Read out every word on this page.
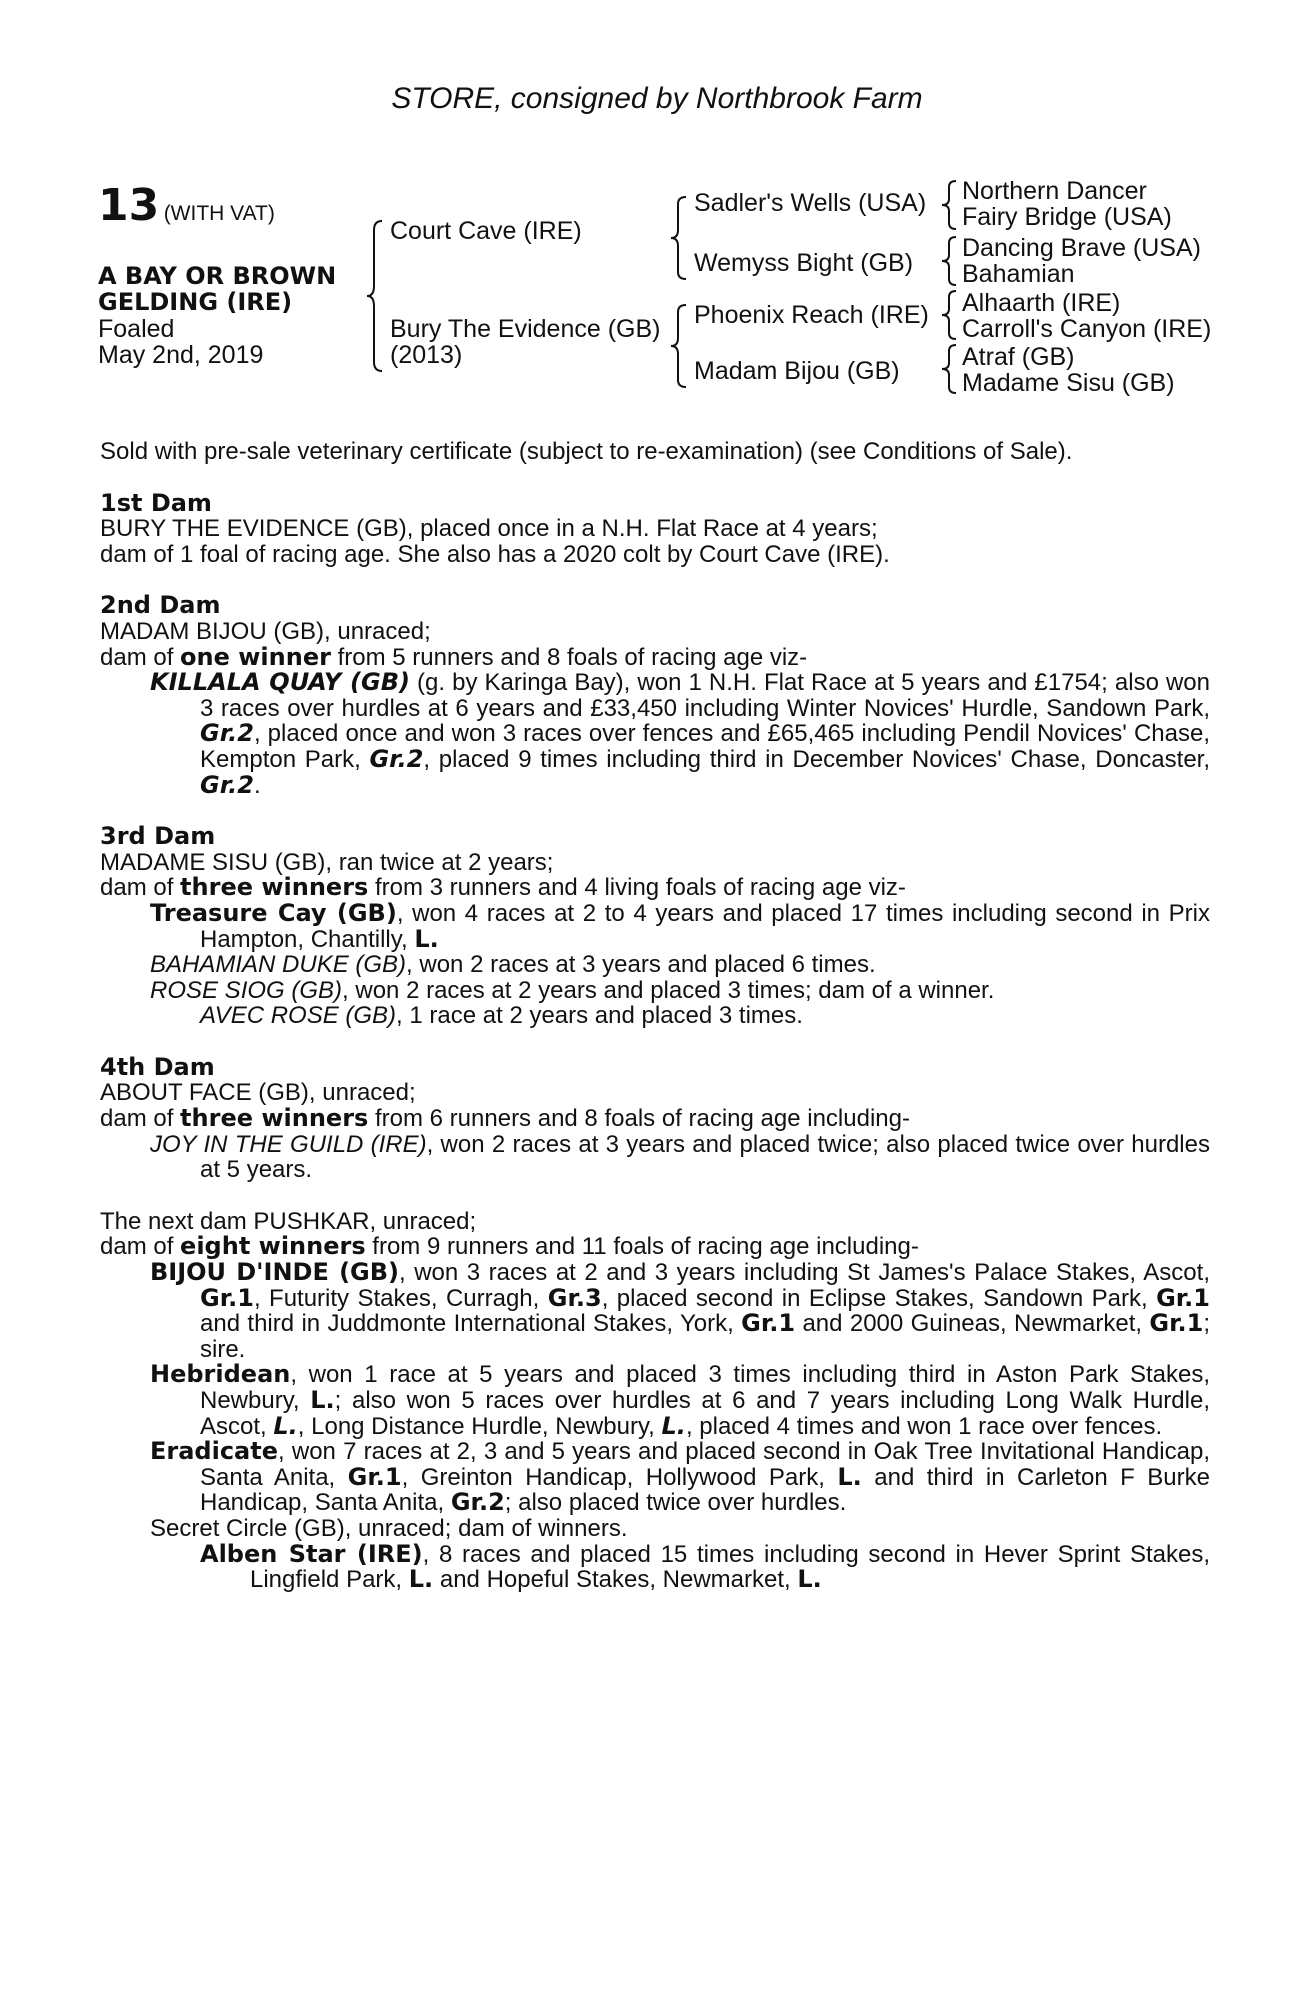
STORE, consigned by Northbrook Farm
13 (WITH VAT)
A BAY OR BROWN
GELDING (IRE)
Foaled
May 2nd, 2019
Court Cave (IRE)
Bury The Evidence (GB)
(2013)
Sadler's Wells (USA)
Wemyss Bight (GB)
Phoenix Reach (IRE)
Madam Bijou (GB)
Northern Dancer
Fairy Bridge (USA)
Dancing Brave (USA)
Bahamian
Alhaarth (IRE)
Carroll's Canyon (IRE)
Atraf (GB)
Madame Sisu (GB)

Sold with pre-sale veterinary certificate (subject to re-examination) (see Conditions of Sale).

1st Dam

BURY THE EVIDENCE (GB), placed once in a N.H. Flat Race at 4 years;

dam of 1 foal of racing age. She also has a 2020 colt by Court Cave (IRE).

2nd Dam

MADAM BIJOU (GB), unraced;

dam of one winner from 5 runners and 8 foals of racing age viz-

KILLALA QUAY (GB) (g. by Karinga Bay), won 1 N.H. Flat Race at 5 years and £1754; also won 3 races over hurdles at 6 years and £33,450 including Winter Novices' Hurdle, Sandown Park, Gr.2, placed once and won 3 races over fences and £65,465 including Pendil Novices' Chase, Kempton Park, Gr.2, placed 9 times including third in December Novices' Chase, Doncaster, Gr.2.

3rd Dam

MADAME SISU (GB), ran twice at 2 years;

dam of three winners from 3 runners and 4 living foals of racing age viz-

Treasure Cay (GB), won 4 races at 2 to 4 years and placed 17 times including second in Prix Hampton, Chantilly, L.

BAHAMIAN DUKE (GB), won 2 races at 3 years and placed 6 times.

ROSE SIOG (GB), won 2 races at 2 years and placed 3 times; dam of a winner.

AVEC ROSE (GB), 1 race at 2 years and placed 3 times.

4th Dam

ABOUT FACE (GB), unraced;

dam of three winners from 6 runners and 8 foals of racing age including-

JOY IN THE GUILD (IRE), won 2 races at 3 years and placed twice; also placed twice over hurdles at 5 years.

The next dam PUSHKAR, unraced;

dam of eight winners from 9 runners and 11 foals of racing age including-

BIJOU D'INDE (GB), won 3 races at 2 and 3 years including St James's Palace Stakes, Ascot, Gr.1, Futurity Stakes, Curragh, Gr.3, placed second in Eclipse Stakes, Sandown Park, Gr.1 and third in Juddmonte International Stakes, York, Gr.1 and 2000 Guineas, Newmarket, Gr.1; sire.

Hebridean, won 1 race at 5 years and placed 3 times including third in Aston Park Stakes, Newbury, L.; also won 5 races over hurdles at 6 and 7 years including Long Walk Hurdle, Ascot, L., Long Distance Hurdle, Newbury, L., placed 4 times and won 1 race over fences.

Eradicate, won 7 races at 2, 3 and 5 years and placed second in Oak Tree Invitational Handicap, Santa Anita, Gr.1, Greinton Handicap, Hollywood Park, L. and third in Carleton F Burke Handicap, Santa Anita, Gr.2; also placed twice over hurdles.

Secret Circle (GB), unraced; dam of winners.

Alben Star (IRE), 8 races and placed 15 times including second in Hever Sprint Stakes, Lingfield Park, L. and Hopeful Stakes, Newmarket, L.
